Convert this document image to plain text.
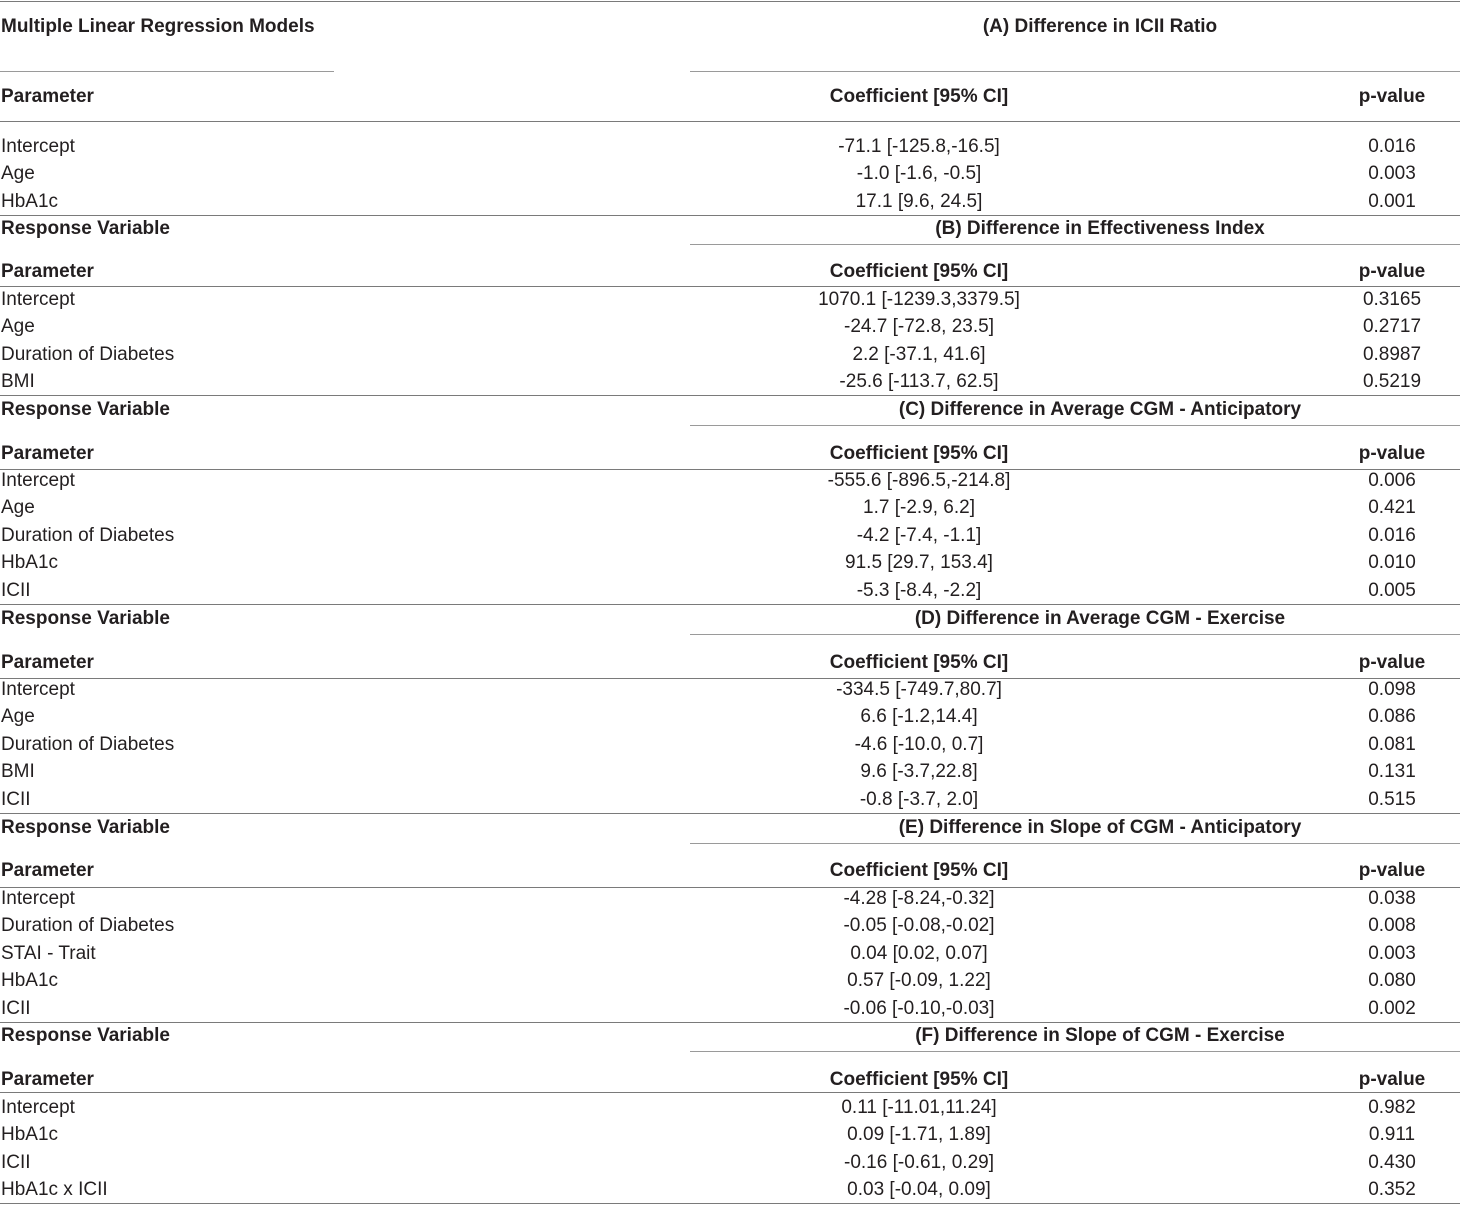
Multiple Linear Regression Models	(A) Difference in ICII Ratio
Parameter	Coefficient [95% CI]	p-value
Intercept	-71.1 [-125.8,-16.5]	0.016
Age	-1.0 [-1.6, -0.5]	0.003
HbA1c	17.1 [9.6, 24.5]	0.001
Response Variable	(B) Difference in Effectiveness Index
Parameter	Coefficient [95% CI]	p-value
Intercept	1070.1 [-1239.3,3379.5]	0.3165
Age	-24.7 [-72.8, 23.5]	0.2717
Duration of Diabetes	2.2 [-37.1, 41.6]	0.8987
BMI	-25.6 [-113.7, 62.5]	0.5219
Response Variable	(C) Difference in Average CGM - Anticipatory
Parameter	Coefficient [95% CI]	p-value
Intercept	-555.6 [-896.5,-214.8]	0.006
Age	1.7 [-2.9, 6.2]	0.421
Duration of Diabetes	-4.2 [-7.4, -1.1]	0.016
HbA1c	91.5 [29.7, 153.4]	0.010
ICII	-5.3 [-8.4, -2.2]	0.005
Response Variable	(D) Difference in Average CGM - Exercise
Parameter	Coefficient [95% CI]	p-value
Intercept	-334.5 [-749.7,80.7]	0.098
Age	6.6 [-1.2,14.4]	0.086
Duration of Diabetes	-4.6 [-10.0, 0.7]	0.081
BMI	9.6 [-3.7,22.8]	0.131
ICII	-0.8 [-3.7, 2.0]	0.515
Response Variable	(E) Difference in Slope of CGM - Anticipatory
Parameter	Coefficient [95% CI]	p-value
Intercept	-4.28 [-8.24,-0.32]	0.038
Duration of Diabetes	-0.05 [-0.08,-0.02]	0.008
STAI - Trait	0.04 [0.02, 0.07]	0.003
HbA1c	0.57 [-0.09, 1.22]	0.080
ICII	-0.06 [-0.10,-0.03]	0.002
Response Variable	(F) Difference in Slope of CGM - Exercise
Parameter	Coefficient [95% CI]	p-value
Intercept	0.11 [-11.01,11.24]	0.982
HbA1c	0.09 [-1.71, 1.89]	0.911
ICII	-0.16 [-0.61, 0.29]	0.430
HbA1c x ICII	0.03 [-0.04, 0.09]	0.352
